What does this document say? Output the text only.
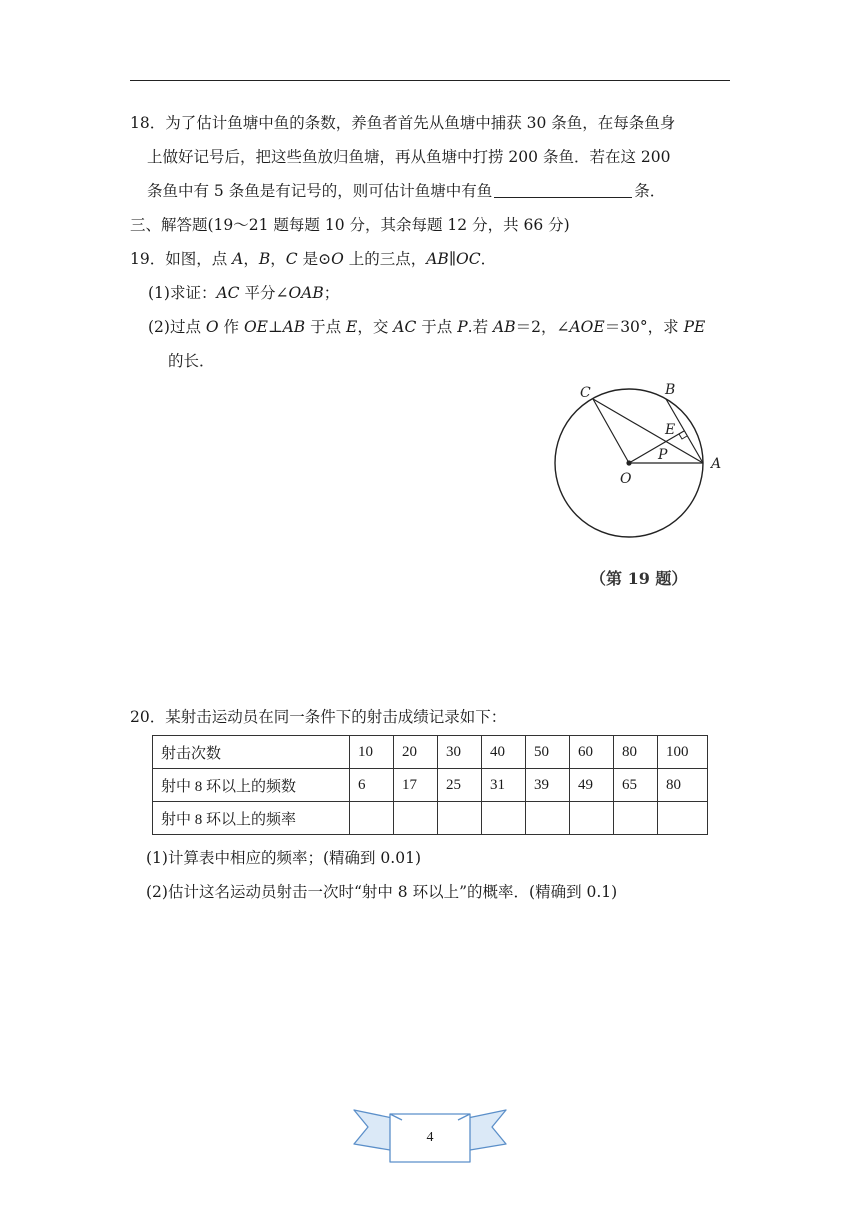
18．为了估计鱼塘中鱼的条数，养鱼者首先从鱼塘中捕获 30 条鱼，在每条鱼身
上做好记号后，把这些鱼放归鱼塘，再从鱼塘中打捞 200 条鱼．若在这 200
条鱼中有 5 条鱼是有记号的，则可估计鱼塘中有鱼	条．
三、解答题(19～21 题每题 10 分，其余每题 12 分，共 66 分)
19．如图，点 A，B，C 是⊙O 上的三点，AB∥OC．
(1)求证：AC 平分∠OAB；
(2)过点 O 作 OE⊥AB 于点 E，交 AC 于点 P.若 AB＝2，∠AOE＝30°，求 PE
的长．
C	B
E
P
A
O
（第 19 题）
20．某射击运动员在同一条件下的射击成绩记录如下：
射击次数	10	20	30	40	50	60	80	100
射中 8 环以上的频数	6	17	25	31	39	49	65	80
射中 8 环以上的频率								
(1)计算表中相应的频率；(精确到 0.01)
(2)估计这名运动员射击一次时“射中 8 环以上”的概率．(精确到 0.1)
4
